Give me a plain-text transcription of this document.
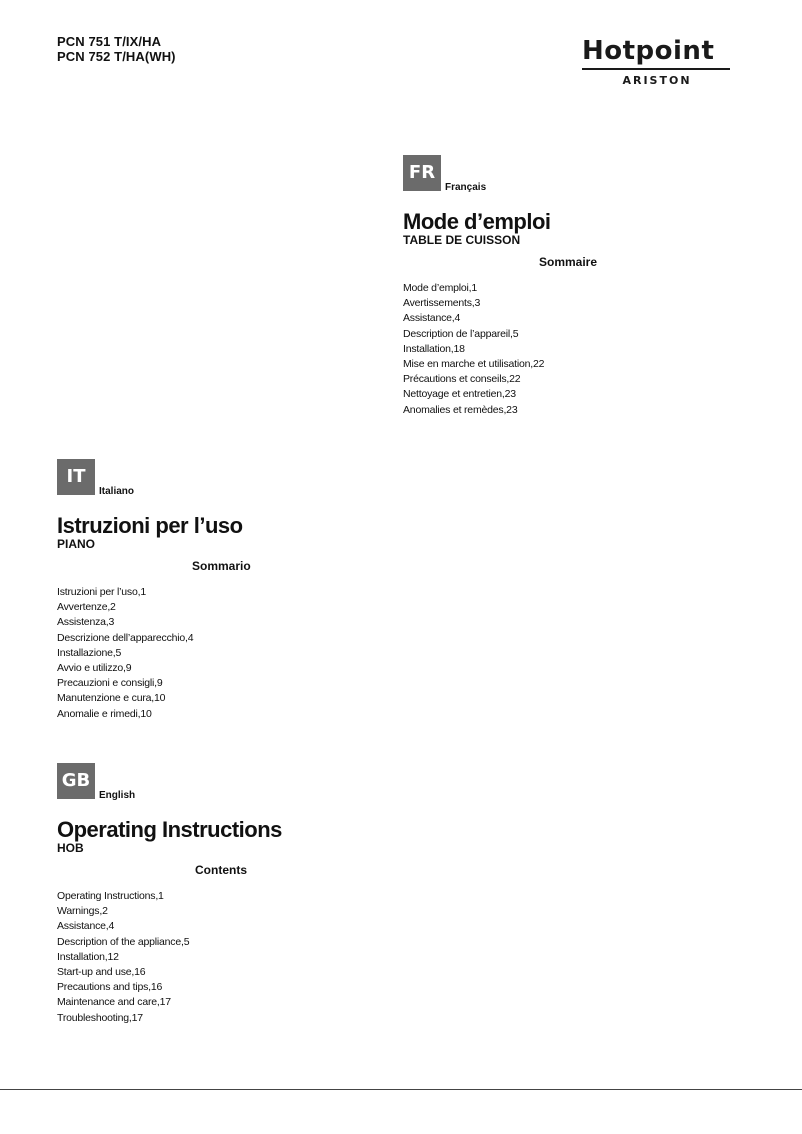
PCN 751 T/IX/HA
PCN 752 T/HA(WH)	Hotpoint
ARISTON
FR
Français
Mode d’emploi
TABLE DE CUISSON
Sommaire
Mode d’emploi,1
Avertissements,3
Assistance,4
Description de l’appareil,5
Installation,18
Mise en marche et utilisation,22
Précautions et conseils,22
Nettoyage et entretien,23
Anomalies et remèdes,23
IT
Italiano
Istruzioni per l’uso
PIANO
Sommario
Istruzioni per l’uso,1
Avvertenze,2
Assistenza,3
Descrizione dell’apparecchio,4
Installazione,5
Avvio e utilizzo,9
Precauzioni e consigli,9
Manutenzione e cura,10
Anomalie e rimedi,10
GB
English
Operating Instructions
HOB
Contents
Operating Instructions,1
Warnings,2
Assistance,4
Description of the appliance,5
Installation,12
Start-up and use,16
Precautions and tips,16
Maintenance and care,17
Troubleshooting,17
